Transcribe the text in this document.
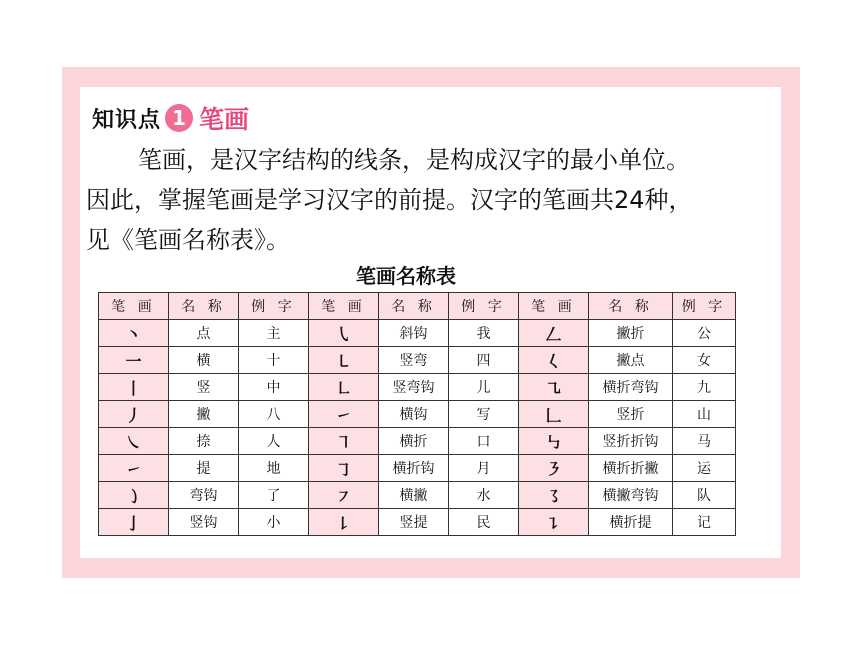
知识点 1 笔画
笔画，是汉字结构的线条，是构成汉字的最小单位。
因此，掌握笔画是学习汉字的前提。汉字的笔画共24种，
见《笔画名称表》。
笔画名称表
笔 画	名 称	例 字	笔 画	名 称	例 字	笔 画	名 称	例 字
丶	点	主	㇂	斜钩	我	𠃋	撇折	公
一	横	十	㇄	竖弯	四	𡿨	撇点	女
丨	竖	中	㇗	竖弯钩	儿	㇈	横折弯钩	九
丿	撇	八	㇀	横钩	写	𠃊	竖折	山
㇏	捺	人	㇕	横折	口	㇉	竖折折钩	马
㇀	提	地	㇆	横折钩	月	㇋	横折折撇	运
㇁	弯钩	了	㇇	横撇	水	㇌	横撇弯钩	队
亅	竖钩	小	㇙	竖提	民	㇊	横折提	记
